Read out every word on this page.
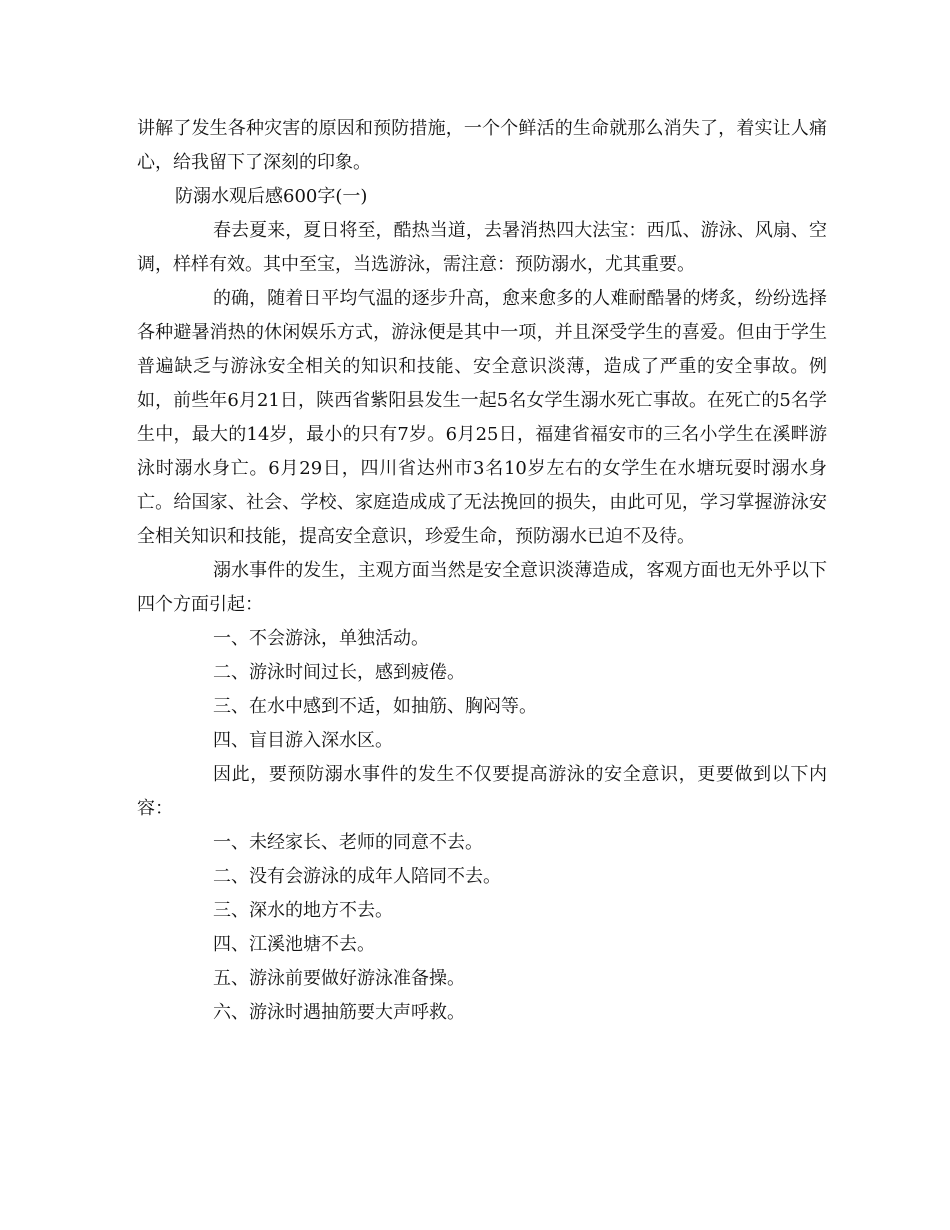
讲解了发生各种灾害的原因和预防措施，一个个鲜活的生命就那么消失了，着实让人痛心，给我留下了深刻的印象。

防溺水观后感600字(一)

春去夏来，夏日将至，酷热当道，去暑消热四大法宝：西瓜、游泳、风扇、空调，样样有效。其中至宝，当选游泳，需注意：预防溺水，尤其重要。

的确，随着日平均气温的逐步升高，愈来愈多的人难耐酷暑的烤炙，纷纷选择各种避暑消热的休闲娱乐方式，游泳便是其中一项，并且深受学生的喜爱。但由于学生普遍缺乏与游泳安全相关的知识和技能、安全意识淡薄，造成了严重的安全事故。例如，前些年6月21日，陕西省紫阳县发生一起5名女学生溺水死亡事故。在死亡的5名学生中，最大的14岁，最小的只有7岁。6月25日，福建省福安市的三名小学生在溪畔游泳时溺水身亡。6月29日，四川省达州市3名10岁左右的女学生在水塘玩耍时溺水身亡。给国家、社会、学校、家庭造成成了无法挽回的损失，由此可见，学习掌握游泳安全相关知识和技能，提高安全意识，珍爱生命，预防溺水已迫不及待。

溺水事件的发生，主观方面当然是安全意识淡薄造成，客观方面也无外乎以下四个方面引起：

一、不会游泳，单独活动。

二、游泳时间过长，感到疲倦。

三、在水中感到不适，如抽筋、胸闷等。

四、盲目游入深水区。

因此，要预防溺水事件的发生不仅要提高游泳的安全意识，更要做到以下内容：

一、未经家长、老师的同意不去。

二、没有会游泳的成年人陪同不去。

三、深水的地方不去。

四、江溪池塘不去。

五、游泳前要做好游泳准备操。

六、游泳时遇抽筋要大声呼救。
